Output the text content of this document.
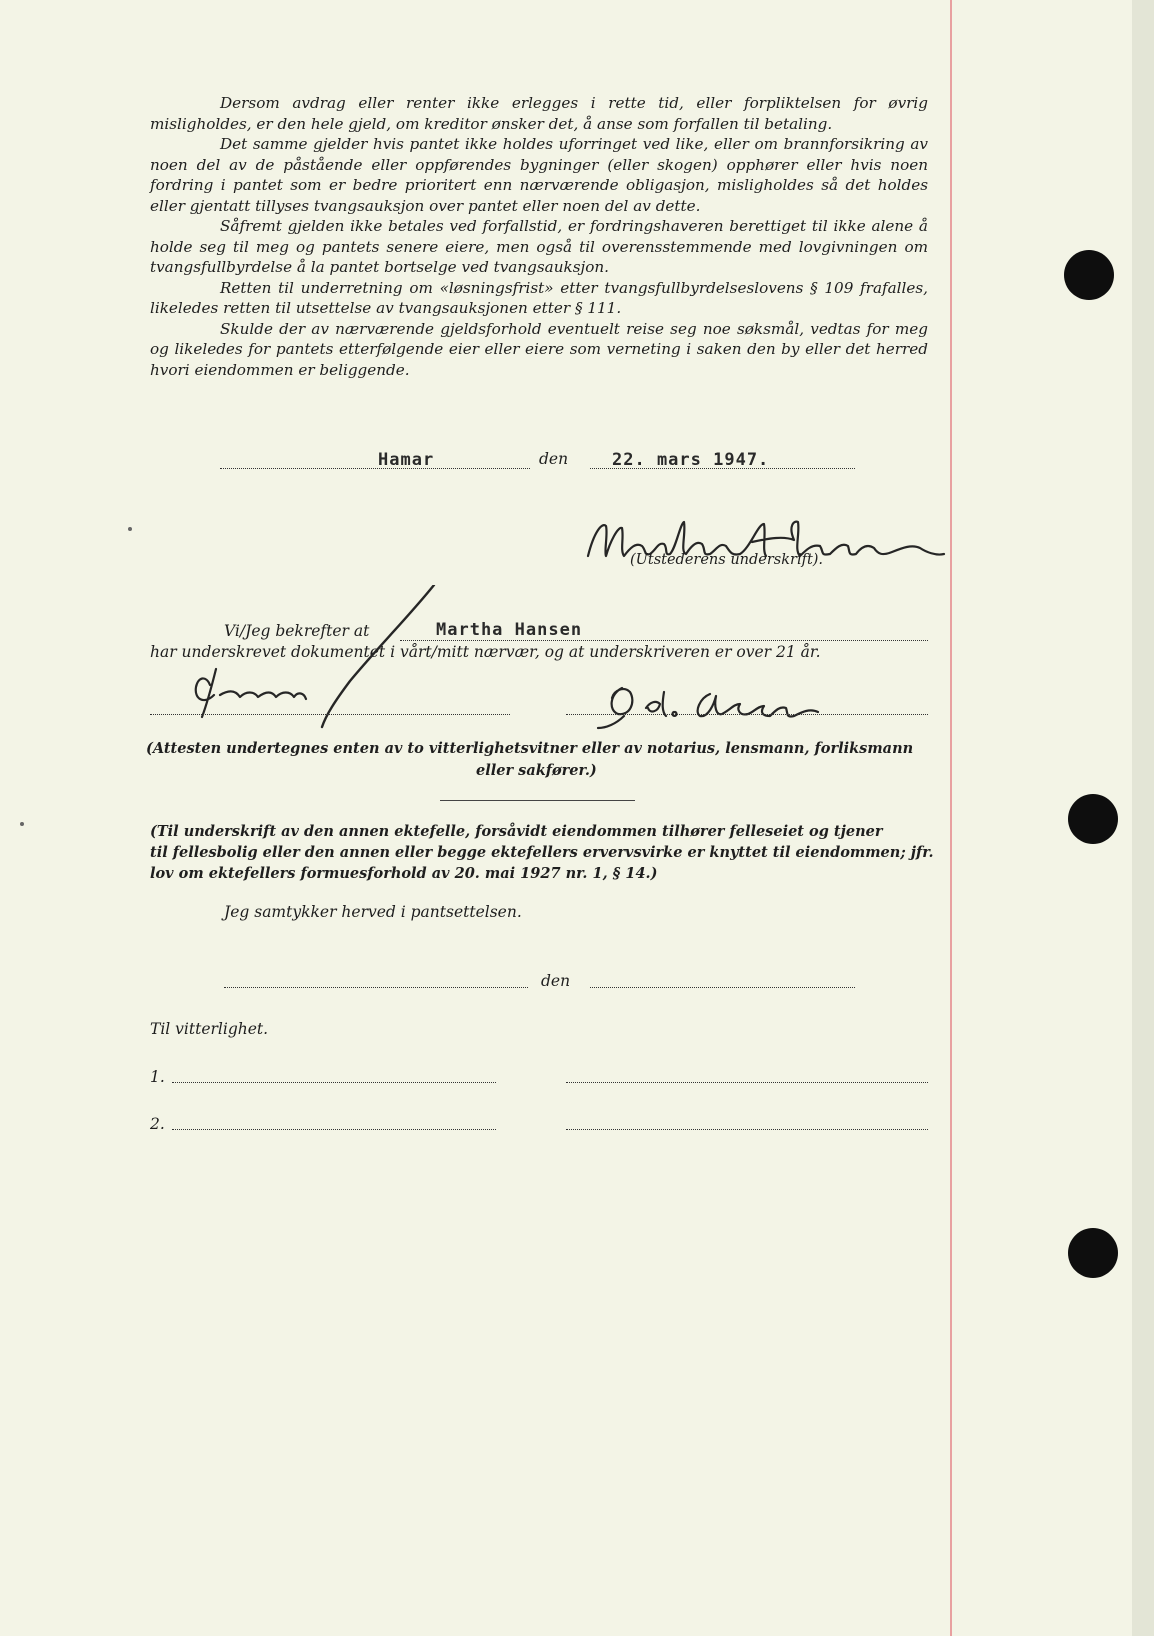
Dersom avdrag eller renter ikke erlegges i rette tid, eller forpliktelsen for øvrig misligholdes, er den hele gjeld, om kreditor ønsker det, å anse som forfallen til betaling.

Det samme gjelder hvis pantet ikke holdes uforringet ved like, eller om brannforsikring av noen del av de påstående eller oppførendes bygninger (eller skogen) opphører eller hvis noen fordring i pantet som er bedre prioritert enn nærværende obligasjon, misligholdes så det holdes eller gjentatt tillyses tvangsauksjon over pantet eller noen del av dette.

Såfremt gjelden ikke betales ved forfallstid, er fordringshaveren berettiget til ikke alene å holde seg til meg og pantets senere eiere, men også til overensstemmende med lovgivningen om tvangsfullbyrdelse å la pantet bortselge ved tvangsauksjon.

Retten til underretning om «løsningsfrist» etter tvangsfullbyrdelseslovens § 109 frafalles, likeledes retten til utsettelse av tvangsauksjonen etter § 111.

Skulde der av nærværende gjeldsforhold eventuelt reise seg noe søksmål, vedtas for meg og likeledes for pantets etterfølgende eier eller eiere som verneting i saken den by eller det herred hvori eiendommen er beliggende.

Hamar	den	22. mars 1947.
(Utstederens underskrift).
Vi/Jeg bekrefter at	Martha Hansen
har underskrevet dokumentet i vårt/mitt nærvær, og at underskriveren er over 21 år.
(Attesten undertegnes enten av to vitterlighetsvitner eller av notarius, lensmann, forliksmann
eller sakfører.)
(Til underskrift av den annen ektefelle, forsåvidt eiendommen tilhører felleseiet og tjener
til fellesbolig eller den annen eller begge ektefellers ervervsvirke er knyttet til eiendommen; jfr.
lov om ektefellers formuesforhold av 20. mai 1927 nr. 1, § 14.)
Jeg samtykker herved i pantsettelsen.
den
Til vitterlighet.
1.
2.
